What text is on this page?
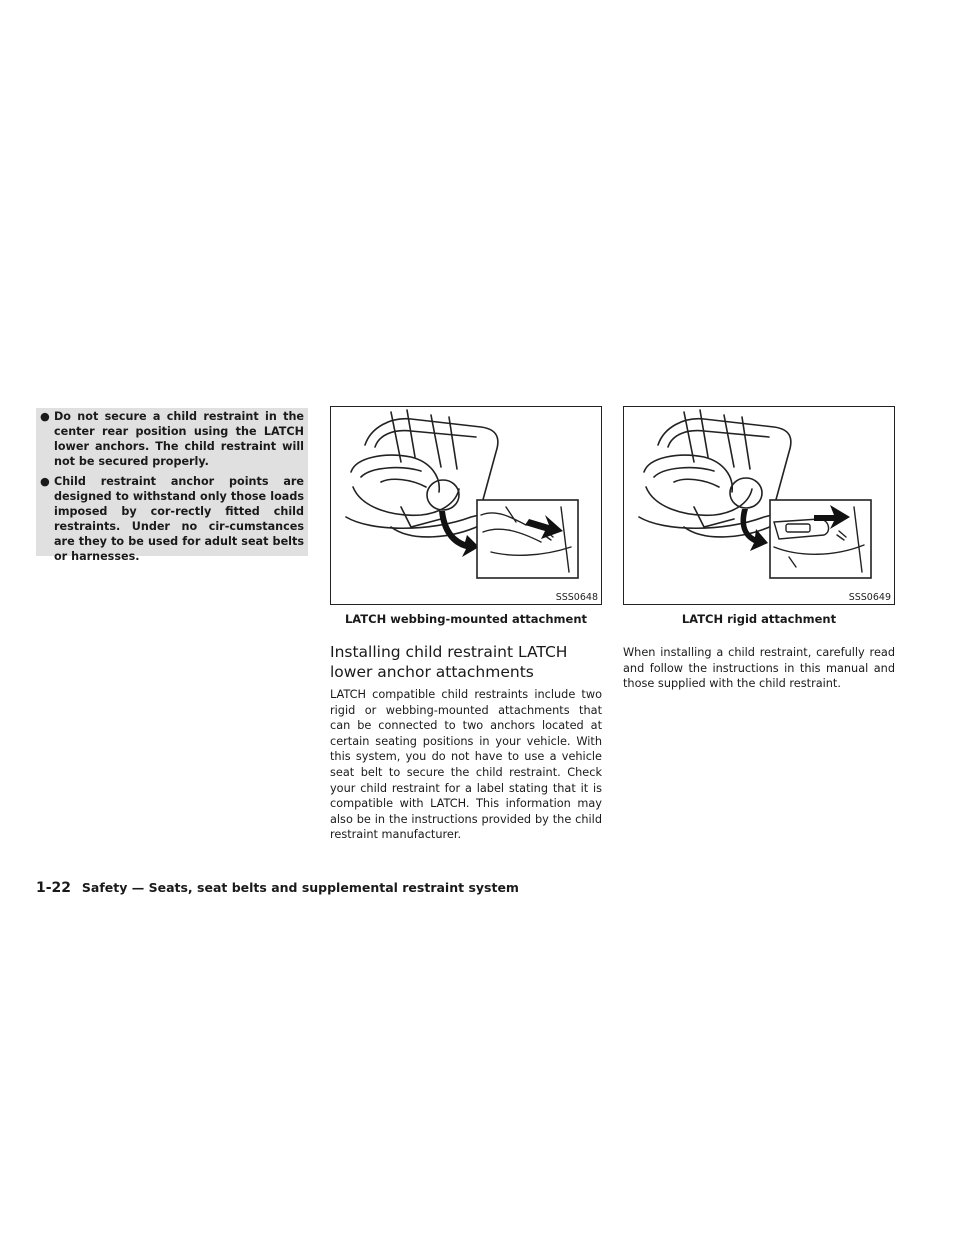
● Do not secure a child restraint in the center rear position using the LATCH lower anchors. The child restraint will not be secured properly.
● Child restraint anchor points are designed to withstand only those loads imposed by cor-rectly fitted child restraints. Under no cir-cumstances are they to be used for adult seat belts or harnesses.
SSS0648
LATCH webbing-mounted attachment
SSS0649
LATCH rigid attachment
Installing child restraint LATCH lower anchor attachments
LATCH compatible child restraints include two rigid or webbing-mounted attachments that can be connected to two anchors located at certain seating positions in your vehicle. With this system, you do not have to use a vehicle seat belt to secure the child restraint. Check your child restraint for a label stating that it is compatible with LATCH. This information may also be in the instructions provided by the child restraint manufacturer.
When installing a child restraint, carefully read and follow the instructions in this manual and those supplied with the child restraint.
1-22 Safety — Seats, seat belts and supplemental restraint system
